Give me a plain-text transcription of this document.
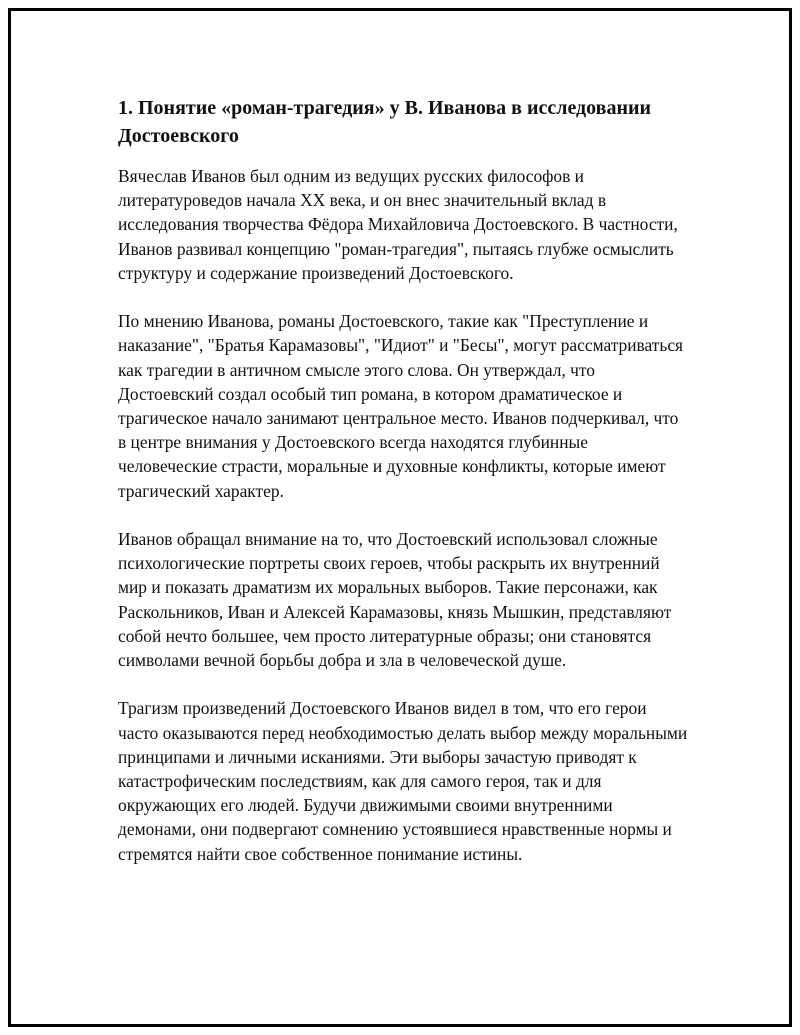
1. Понятие «роман-трагедия» у В. Иванова в исследовании Достоевского

Вячеслав Иванов был одним из ведущих русских философов и литературоведов начала XX века, и он внес значительный вклад в исследования творчества Фёдора Михайловича Достоевского. В частности, Иванов развивал концепцию "роман-трагедия", пытаясь глубже осмыслить структуру и содержание произведений Достоевского.

По мнению Иванова, романы Достоевского, такие как "Преступление и наказание", "Братья Карамазовы", "Идиот" и "Бесы", могут рассматриваться как трагедии в античном смысле этого слова. Он утверждал, что Достоевский создал особый тип романа, в котором драматическое и трагическое начало занимают центральное место. Иванов подчеркивал, что в центре внимания у Достоевского всегда находятся глубинные человеческие страсти, моральные и духовные конфликты, которые имеют трагический характер.

Иванов обращал внимание на то, что Достоевский использовал сложные психологические портреты своих героев, чтобы раскрыть их внутренний мир и показать драматизм их моральных выборов. Такие персонажи, как Раскольников, Иван и Алексей Карамазовы, князь Мышкин, представляют собой нечто большее, чем просто литературные образы; они становятся символами вечной борьбы добра и зла в человеческой душе.

Трагизм произведений Достоевского Иванов видел в том, что его герои часто оказываются перед необходимостью делать выбор между моральными принципами и личными исканиями. Эти выборы зачастую приводят к катастрофическим последствиям, как для самого героя, так и для окружающих его людей. Будучи движимыми своими внутренними демонами, они подвергают сомнению устоявшиеся нравственные нормы и стремятся найти свое собственное понимание истины.
